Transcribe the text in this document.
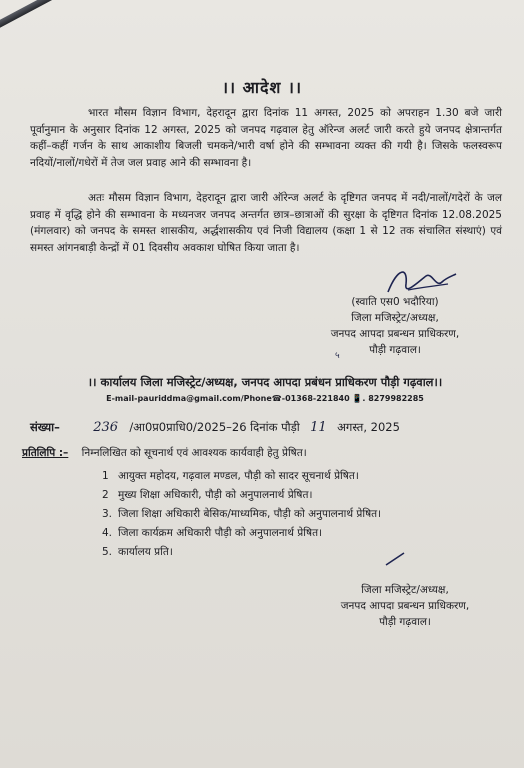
।। आदेश ।।

भारत मौसम विज्ञान विभाग, देहरादून द्वारा दिनांक 11 अगस्त, 2025 को अपराहन 1.30 बजे जारी पूर्वानुमान के अनुसार दिनांक 12 अगस्त, 2025 को जनपद गढ़वाल हेतु ऑरेन्ज अलर्ट जारी करते हुये जनपद क्षेत्रान्तर्गत कहीं–कहीं गर्जन के साथ आकाशीय बिजली चमकने/भारी वर्षा होने की सम्भावना व्यक्त की गयी है। जिसके फलस्वरूप नदियों/नालों/गधेरों में तेज जल प्रवाह आने की सम्भावना है।

अतः मौसम विज्ञान विभाग, देहरादून द्वारा जारी ऑरेन्ज अलर्ट के दृष्टिगत जनपद में नदी/नालों/गदेरों के जल प्रवाह में वृद्धि होने की सम्भावना के मध्यनजर जनपद अन्तर्गत छात्र–छात्राओं की सुरक्षा के दृष्टिगत दिनांक 12.08.2025 (मंगलवार) को जनपद के समस्त शासकीय, अर्द्धशासकीय एवं निजी विद्यालय (कक्षा 1 से 12 तक संचालित संस्थाएं) एवं समस्त आंगनबाड़ी केन्द्रों में 01 दिवसीय अवकाश घोषित किया जाता है।

(स्वाति एस0 भदौरिया)
जिला मजिस्ट्रेट/अध्यक्ष,
जनपद आपदा प्रबन्धन प्राधिकरण,
पौड़ी गढ़वाल।
५
।। कार्यालय जिला मजिस्ट्रेट/अध्यक्ष, जनपद आपदा प्रबंधन प्राधिकरण पौड़ी गढ़वाल।।
E-mail-pauriddma@gmail.com/Phone☎-01368-221840 📱. 8279982285
संख्या–	236 /आ0प्र0प्राधि0/2025–26 दिनांक पौड़ी 11 अगस्त, 2025
प्रतिलिपि :– निम्नलिखित को सूचनार्थ एवं आवश्यक कार्यवाही हेतु प्रेषित।
1 आयुक्त महोदय, गढ़वाल मण्डल, पौड़ी को सादर सूचनार्थ प्रेषित।
2 मुख्य शिक्षा अधिकारी, पौड़ी को अनुपालनार्थ प्रेषित।
3. जिला शिक्षा अधिकारी बेसिक/माध्यमिक, पौड़ी को अनुपालनार्थ प्रेषित।
4. जिला कार्यक्रम अधिकारी पौड़ी को अनुपालनार्थ प्रेषित।
5. कार्यालय प्रति।
जिला मजिस्ट्रेट/अध्यक्ष,
जनपद आपदा प्रबन्धन प्राधिकरण,
पौड़ी गढ़वाल।
